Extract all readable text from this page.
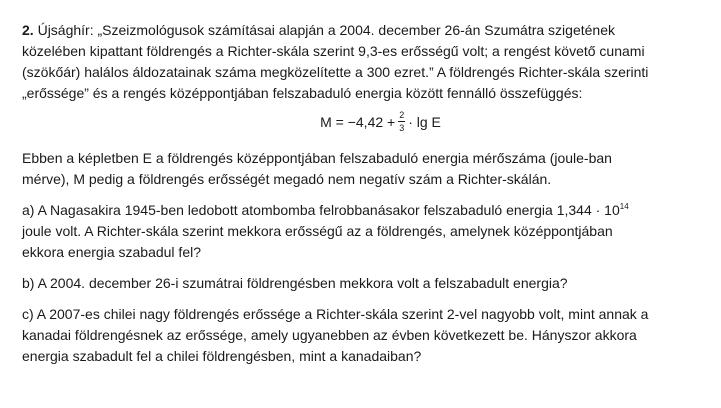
2. Újsághír: „Szeizmológusok számításai alapján a 2004. december 26-án Szumátra szigetének
közelében kipattant földrengés a Richter-skála szerint 9,3-es erősségű volt; a rengést követő cunami
(szökőár) halálos áldozatainak száma megközelítette a 300 ezret.” A földrengés Richter-skála szerinti
„erőssége” és a rengés középpontjában felszabaduló energia között fennálló összefüggés:
$M = -4,42 + \frac{2}{3} \cdot \lg E$
Ebben a képletben E a földrengés középpontjában felszabaduló energia mérőszáma (joule-ban
mérve), M pedig a földrengés erősségét megadó nem negatív szám a Richter-skálán.
a) A Nagasakira 1945-ben ledobott atombomba felrobbanásakor felszabaduló energia $1,344 \cdot 10^{14}$
joule volt. A Richter-skála szerint mekkora erősségű az a földrengés, amelynek középpontjában
ekkora energia szabadul fel?
b) A 2004. december 26-i szumátrai földrengésben mekkora volt a felszabadult energia?
c) A 2007-es chilei nagy földrengés erőssége a Richter-skála szerint 2-vel nagyobb volt, mint annak a
kanadai földrengésnek az erőssége, amely ugyanebben az évben következett be. Hányszor akkora
energia szabadult fel a chilei földrengésben, mint a kanadaiban?
